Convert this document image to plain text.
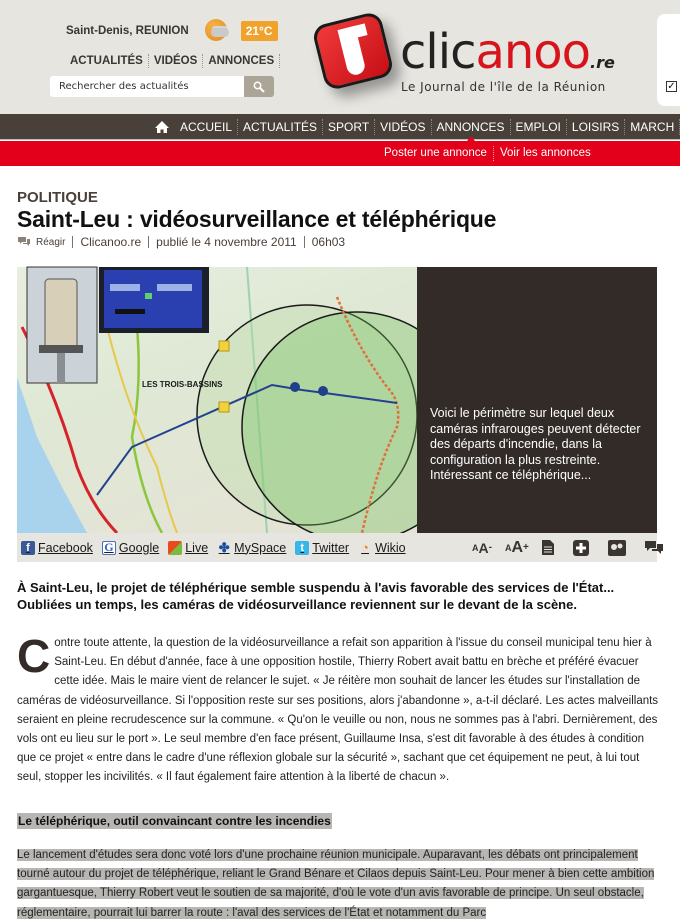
Saint-Denis, REUNION	21°C
ACTUALITÉS VIDÉOS ANNONCES
Rechercher des actualités	clicanoo.re
Le Journal de l'île de la Réunion	✓
ACCUEIL ACTUALITÉS SPORT VIDÉOS ANNONCES EMPLOI LOISIRS MARCH
Poster une annonce	Voir les annonces
POLITIQUE
Saint-Leu : vidéosurveillance et téléphérique
Réagir Clicanoo.re publié le 4 novembre 2011 06h03
LES TROIS-BASSINS

Voici le périmètre sur lequel deux caméras infrarouges peuvent détecter des départs d'incendie, dans la configuration la plus restreinte. Intéressant ce téléphérique...

f Facebook G Google Live ✤ MySpace	t Twitter ◔ Wikio	A A - A A +

À Saint-Leu, le projet de téléphérique semble suspendu à l'avis favorable des services de l'État... Oubliées un temps, les caméras de vidéosurveillance reviennent sur le devant de la scène.

C ontre toute attente, la question de la vidéosurveillance a refait son apparition à l'issue du conseil municipal tenu hier à Saint-Leu. En début d'année, face à une opposition hostile, Thierry Robert avait battu en brèche et préféré évacuer cette idée. Mais le maire vient de relancer le sujet. « Je réitère mon souhait de lancer les études sur l'installation de caméras de vidéosurveillance. Si l'opposition reste sur ses positions, alors j'abandonne », a-t-il déclaré. Les actes malveillants seraient en pleine recrudescence sur la commune. « Qu'on le veuille ou non, nous ne sommes pas à l'abri. Dernièrement, des vols ont eu lieu sur le port ». Le seul membre d'en face présent, Guillaume Insa, s'est dit favorable à des études à condition que ce projet « entre dans le cadre d'une réflexion globale sur la sécurité », sachant que cet équipement ne peut, à lui tout seul, stopper les incivilités. « Il faut également faire attention à la liberté de chacun ».
Le téléphérique, outil convaincant contre les incendies
Le lancement d'études sera donc voté lors d'une prochaine réunion municipale. Auparavant, les débats ont principalement tourné autour du projet de téléphérique, reliant le Grand Bénare et Cilaos depuis Saint-Leu. Pour mener à bien cette ambition gargantuesque, Thierry Robert veut le soutien de sa majorité, d'où le vote d'un avis favorable de principe. Un seul obstacle, réglementaire, pourrait lui barrer la route : l'aval des services de l'État et notamment du Parc
